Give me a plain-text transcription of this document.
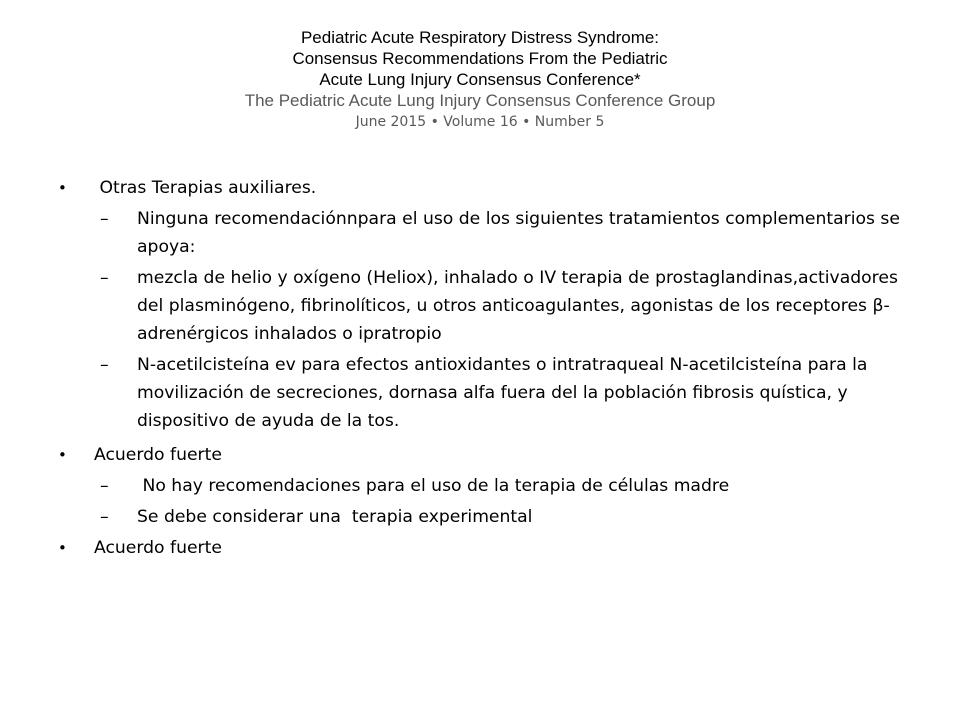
Pediatric Acute Respiratory Distress Syndrome:
Consensus Recommendations From the Pediatric
Acute Lung Injury Consensus Conference*
The Pediatric Acute Lung Injury Consensus Conference Group
June 2015 • Volume 16 • Number 5
• Otras Terapias auxiliares.
– Ninguna recomendaciónnpara el uso de los siguientes tratamientos complementarios se apoya:
– mezcla de helio y oxígeno (Heliox), inhalado o IV terapia de prostaglandinas,activadores del plasminógeno, fibrinolíticos, u otros anticoagulantes, agonistas de los receptores β-adrenérgicos inhalados o ipratropio
– N-acetilcisteína ev para efectos antioxidantes o intratraqueal N-acetilcisteína para la movilización de secreciones, dornasa alfa fuera del la población fibrosis quística, y dispositivo de ayuda de la tos.
• Acuerdo fuerte
– No hay recomendaciones para el uso de la terapia de células madre
– Se debe considerar una  terapia experimental
• Acuerdo fuerte
